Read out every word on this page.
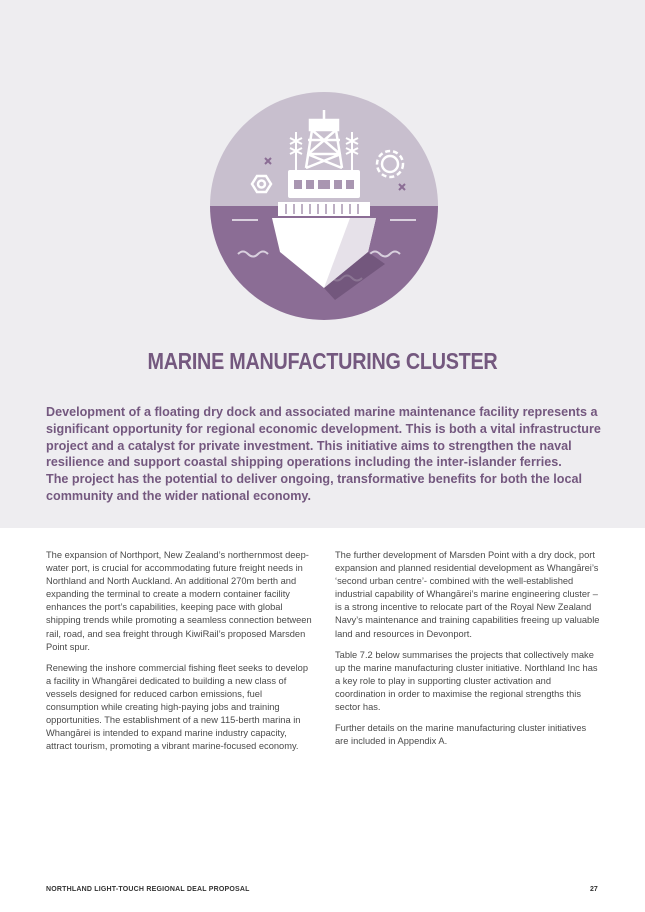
MARINE MANUFACTURING CLUSTER

Development of a floating dry dock and associated marine maintenance facility represents a significant opportunity for regional economic development. This is both a vital infrastructure project and a catalyst for private investment. This initiative aims to strengthen the naval resilience and support coastal shipping operations including the inter-islander ferries.

The project has the potential to deliver ongoing, transformative benefits for both the local community and the wider national economy.

The expansion of Northport, New Zealand’s northernmost deep-water port, is crucial for accommodating future freight needs in Northland and North Auckland. An additional 270m berth and expanding the terminal to create a modern container facility enhances the port’s capabilities, keeping pace with global shipping trends while promoting a seamless connection between rail, road, and sea freight through KiwiRail’s proposed Marsden Point spur.

Renewing the inshore commercial fishing fleet seeks to develop a facility in Whangārei dedicated to building a new class of vessels designed for reduced carbon emissions, fuel consumption while creating high-paying jobs and training opportunities. The establishment of a new 115-berth marina in Whangārei is intended to expand marine industry capacity, attract tourism, promoting a vibrant marine-focused economy.

The further development of Marsden Point with a dry dock, port expansion and planned residential development as Whangārei’s ‘second urban centre’- combined with the well-established industrial capability of Whangārei’s marine engineering cluster – is a strong incentive to relocate part of the Royal New Zealand Navy’s maintenance and training capabilities freeing up valuable land and resources in Devonport.

Table 7.2 below summarises the projects that collectively make up the marine manufacturing cluster initiative. Northland Inc has a key role to play in supporting cluster activation and coordination in order to maximise the regional strengths this sector has.

Further details on the marine manufacturing cluster initiatives are included in Appendix A.

NORTHLAND LIGHT-TOUCH REGIONAL DEAL PROPOSAL	27
